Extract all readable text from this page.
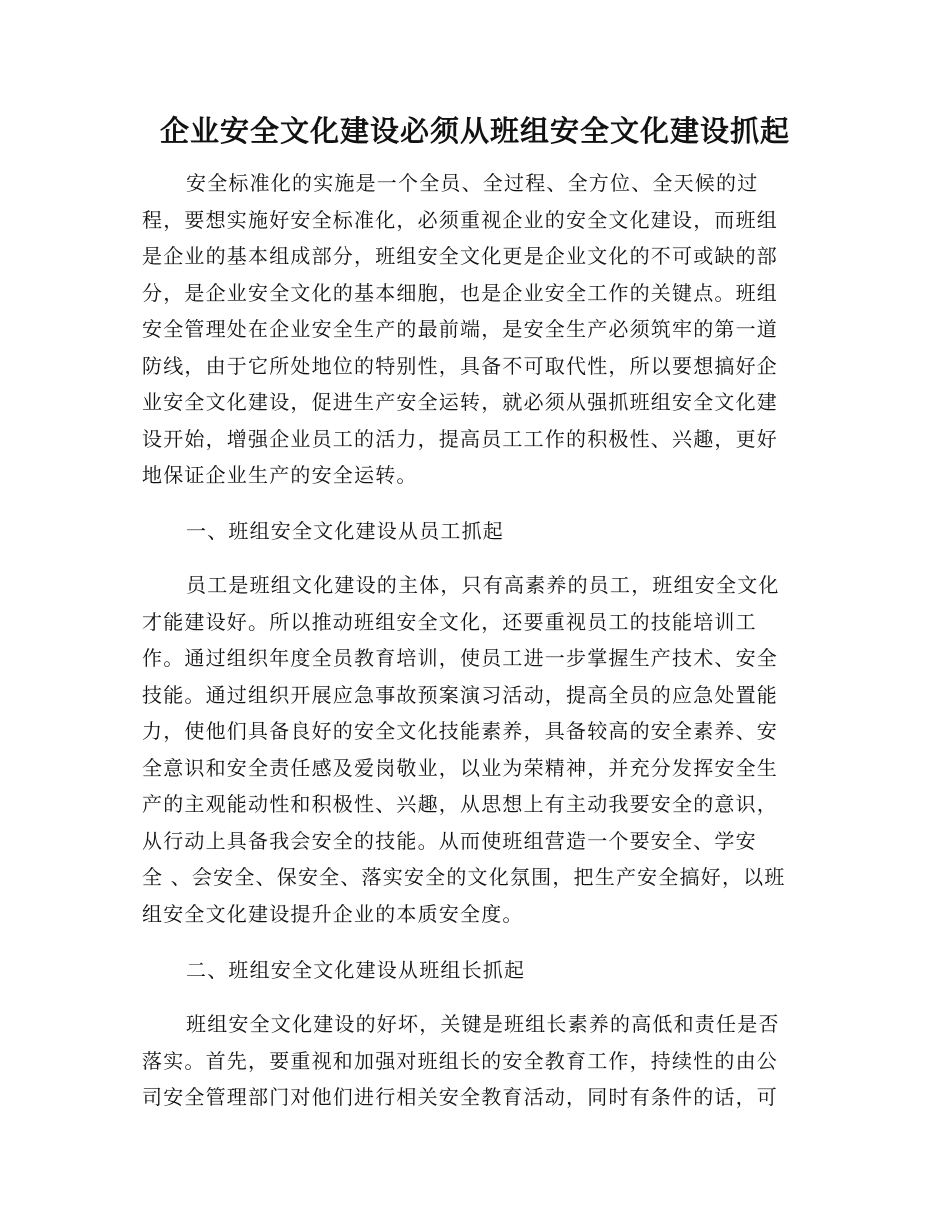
企业安全文化建设必须从班组安全文化建设抓起
安全标准化的实施是一个全员、全过程、全方位、全天候的过
程，要想实施好安全标准化，必须重视企业的安全文化建设，而班组
是企业的基本组成部分，班组安全文化更是企业文化的不可或缺的部
分，是企业安全文化的基本细胞，也是企业安全工作的关键点。班组
安全管理处在企业安全生产的最前端，是安全生产必须筑牢的第一道
防线，由于它所处地位的特别性，具备不可取代性，所以要想搞好企
业安全文化建设，促进生产安全运转，就必须从强抓班组安全文化建
设开始，增强企业员工的活力，提高员工工作的积极性、兴趣，更好
地保证企业生产的安全运转。
一、班组安全文化建设从员工抓起
员工是班组文化建设的主体，只有高素养的员工，班组安全文化
才能建设好。所以推动班组安全文化，还要重视员工的技能培训工
作。通过组织年度全员教育培训，使员工进一步掌握生产技术、安全
技能。通过组织开展应急事故预案演习活动，提高全员的应急处置能
力，使他们具备良好的安全文化技能素养，具备较高的安全素养、安
全意识和安全责任感及爱岗敬业，以业为荣精神，并充分发挥安全生
产的主观能动性和积极性、兴趣，从思想上有主动我要安全的意识，
从行动上具备我会安全的技能。从而使班组营造一个要安全、学安
全 、会安全、保安全、落实安全的文化氛围，把生产安全搞好，以班
组安全文化建设提升企业的本质安全度。
二、班组安全文化建设从班组长抓起
班组安全文化建设的好坏，关键是班组长素养的高低和责任是否
落实。首先，要重视和加强对班组长的安全教育工作，持续性的由公
司安全管理部门对他们进行相关安全教育活动，同时有条件的话，可
